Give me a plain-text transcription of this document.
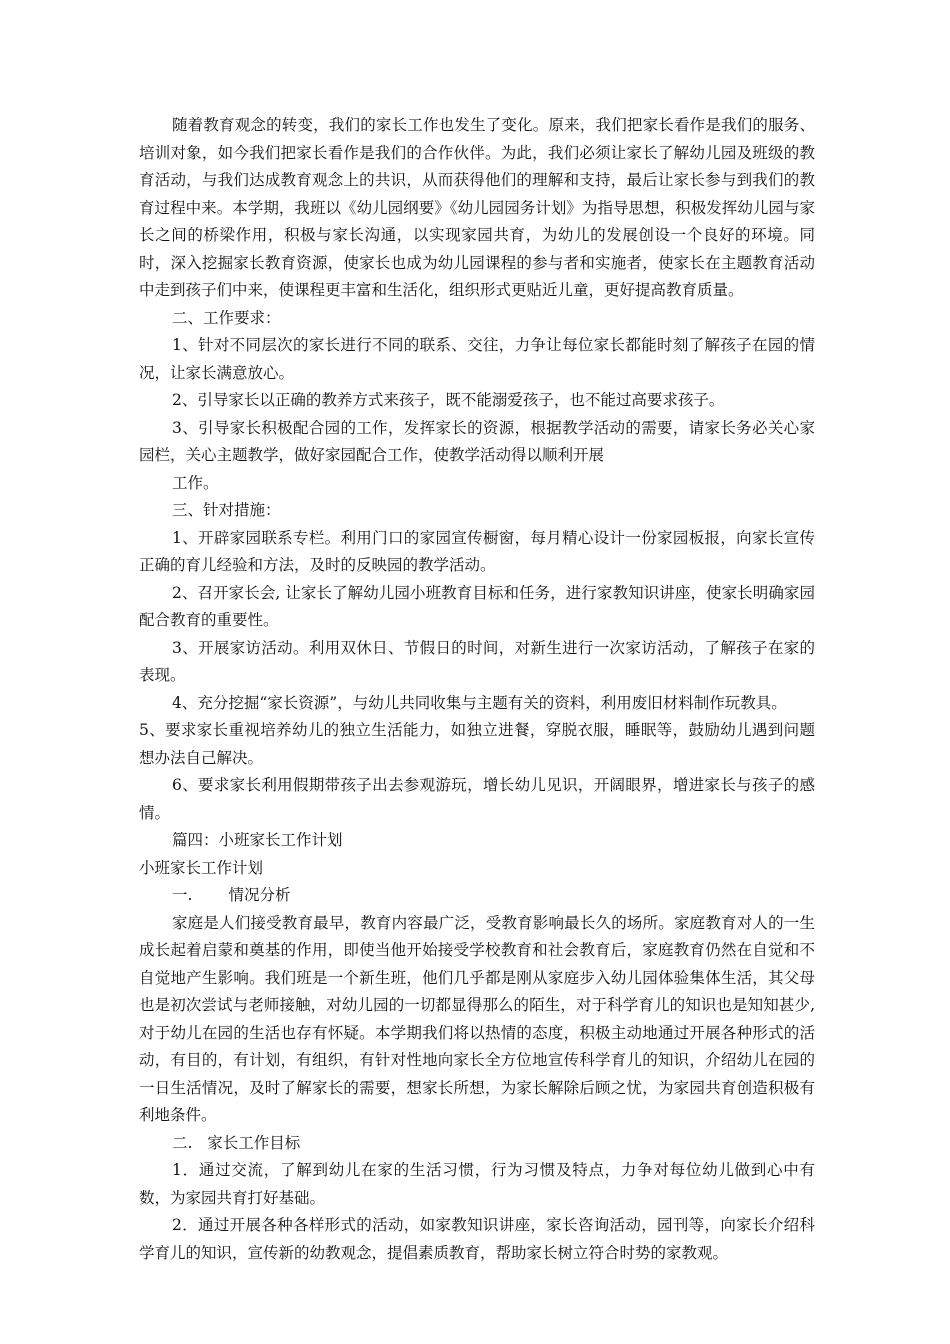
随着教育观念的转变，我们的家长工作也发生了变化。原来，我们把家长看作是我们的服务、培训对象，如今我们把家长看作是我们的合作伙伴。为此，我们必须让家长了解幼儿园及班级的教育活动，与我们达成教育观念上的共识，从而获得他们的理解和支持，最后让家长参与到我们的教育过程中来。本学期，我班以《幼儿园纲要》《幼儿园园务计划》为指导思想，积极发挥幼儿园与家长之间的桥梁作用，积极与家长沟通，以实现家园共育，为幼儿的发展创设一个良好的环境。同时，深入挖掘家长教育资源，使家长也成为幼儿园课程的参与者和实施者，使家长在主题教育活动中走到孩子们中来，使课程更丰富和生活化，组织形式更贴近儿童，更好提高教育质量。

二、工作要求：

1、针对不同层次的家长进行不同的联系、交往，力争让每位家长都能时刻了解孩子在园的情况，让家长满意放心。

2、引导家长以正确的教养方式来孩子，既不能溺爱孩子，也不能过高要求孩子。

3、引导家长积极配合园的工作，发挥家长的资源，根据教学活动的需要，请家长务必关心家园栏，关心主题教学，做好家园配合工作，使教学活动得以顺利开展

工作。

三、针对措施：

1、开辟家园联系专栏。利用门口的家园宣传橱窗，每月精心设计一份家园板报，向家长宣传正确的育儿经验和方法，及时的反映园的教学活动。

2、召开家长会, 让家长了解幼儿园小班教育目标和任务，进行家教知识讲座，使家长明确家园配合教育的重要性。

3、开展家访活动。利用双休日、节假日的时间，对新生进行一次家访活动，了解孩子在家的表现。

4、充分挖掘“家长资源”，与幼儿共同收集与主题有关的资料，利用废旧材料制作玩教具。

5、要求家长重视培养幼儿的独立生活能力，如独立进餐，穿脱衣服，睡眠等，鼓励幼儿遇到问题想办法自己解决。

6、要求家长利用假期带孩子出去参观游玩，增长幼儿见识，开阔眼界，增进家长与孩子的感情。

篇四：小班家长工作计划

小班家长工作计划

一. 情况分析

家庭是人们接受教育最早，教育内容最广泛，受教育影响最长久的场所。家庭教育对人的一生成长起着启蒙和奠基的作用，即使当他开始接受学校教育和社会教育后，家庭教育仍然在自觉和不自觉地产生影响。我们班是一个新生班，他们几乎都是刚从家庭步入幼儿园体验集体生活，其父母也是初次尝试与老师接触，对幼儿园的一切都显得那么的陌生，对于科学育儿的知识也是知知甚少,对于幼儿在园的生活也存有怀疑。本学期我们将以热情的态度，积极主动地通过开展各种形式的活动，有目的，有计划，有组织，有针对性地向家长全方位地宣传科学育儿的知识，介绍幼儿在园的一日生活情况，及时了解家长的需要，想家长所想，为家长解除后顾之忧，为家园共育创造积极有利地条件。

二. 家长工作目标

1．通过交流，了解到幼儿在家的生活习惯，行为习惯及特点，力争对每位幼儿做到心中有数，为家园共育打好基础。

2．通过开展各种各样形式的活动，如家教知识讲座，家长咨询活动，园刊等，向家长介绍科学育儿的知识，宣传新的幼教观念，提倡素质教育，帮助家长树立符合时势的家教观。
